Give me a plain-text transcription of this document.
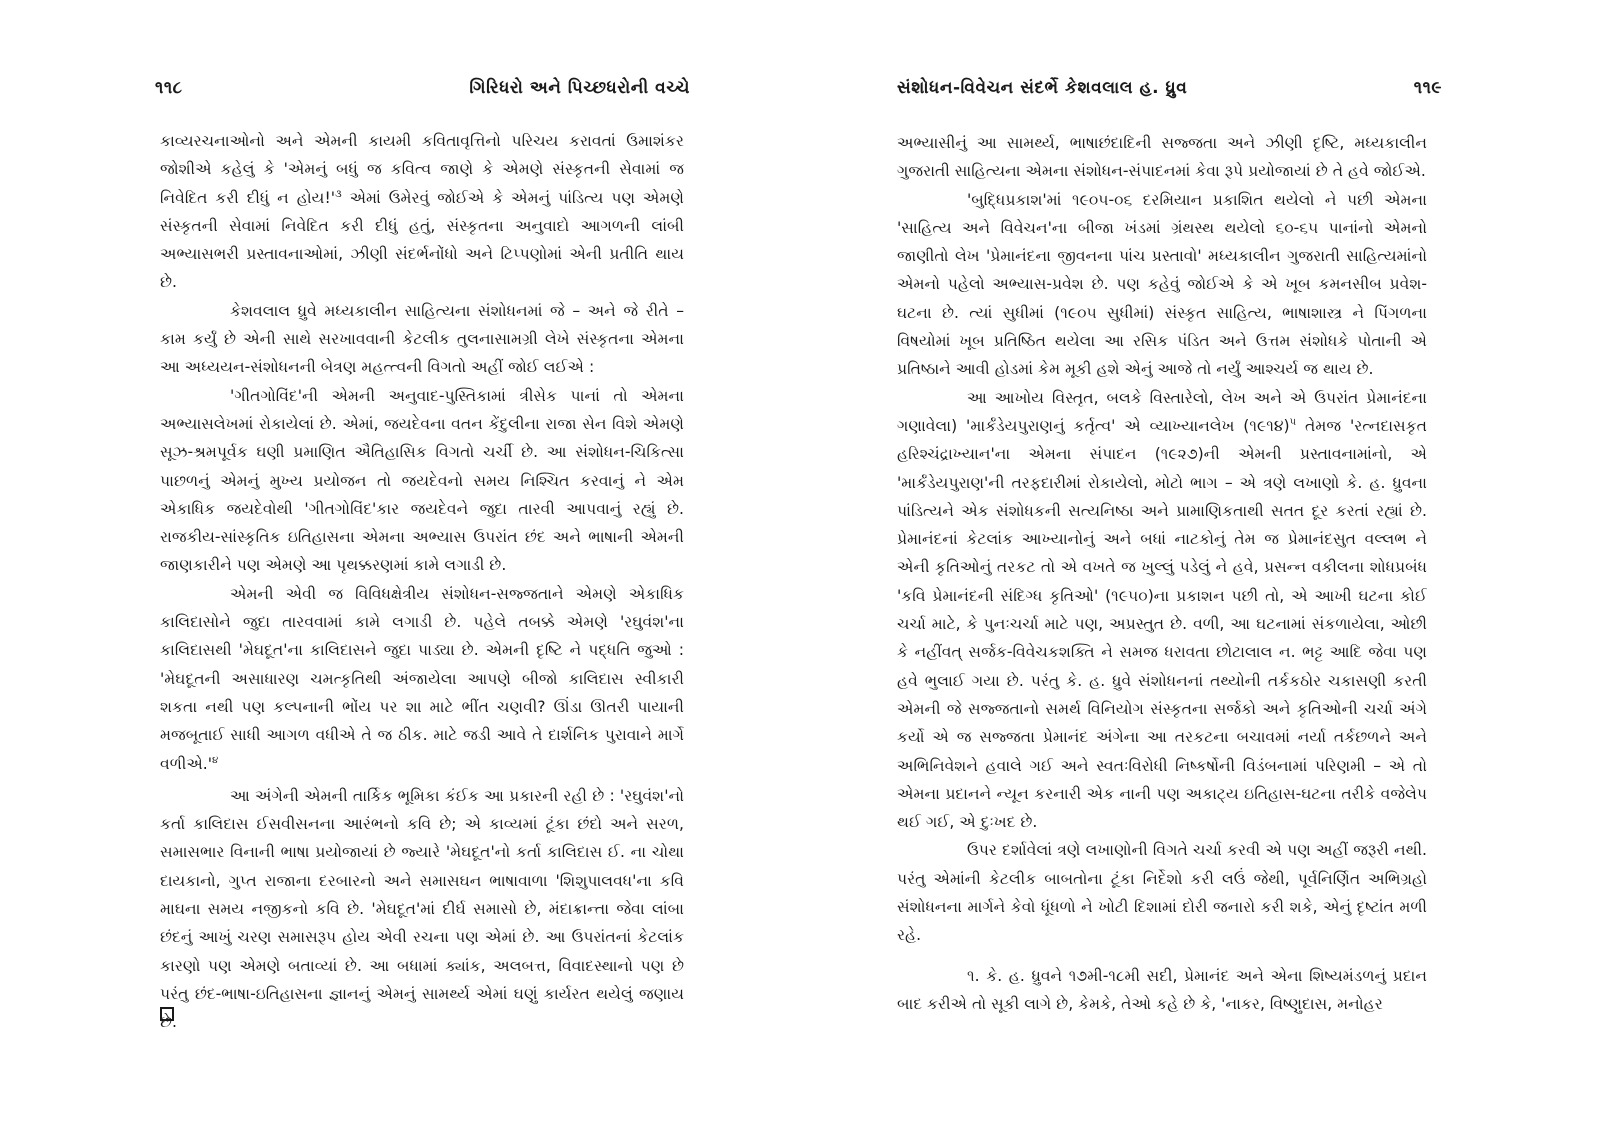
૧૧૮	ગિરિધરો અને પિચ્છધરોની વચ્ચે

કાવ્યરચનાઓનો અને એમની કાયમી કવિતાવૃત્તિનો પરિચય કરાવતાં ઉમાશંકર જોશીએ કહેલું કે 'એમનું બધું જ કવિત્વ જાણે કે એમણે સંસ્કૃતની સેવામાં જ નિવેદિત કરી દીધું ન $હોય!'^૩$ એમાં ઉમેરવું જોઈએ કે એમનું પાંડિત્ય પણ એમણે સંસ્કૃતની સેવામાં નિવેદિત કરી દીધું હતું, સંસ્કૃતના અનુવાદો આગળની લાંબી અભ્યાસભરી પ્રસ્તાવનાઓમાં, ઝીણી સંદર્ભનોંધો અને ટિપ્પણોમાં એની પ્રતીતિ થાય છે.

કેશવલાલ ધ્રુવે મધ્યકાલીન સાહિત્યના સંશોધનમાં જે – અને જે રીતે – કામ કર્યું છે એની સાથે સરખાવવાની કેટલીક તુલનાસામગ્રી લેખે સંસ્કૃતના એમના આ અધ્યયન-સંશોધનની બેત્રણ મહત્ત્વની વિગતો અહીં જોઈ લઈએ :

'ગીતગોવિંદ'ની એમની અનુવાદ-પુસ્તિકામાં ત્રીસેક પાનાં તો એમના અભ્યાસલેખમાં રોકાયેલાં છે. એમાં, જયદેવના વતન કેંદુલીના રાજા સેન વિશે એમણે સૂઝ-શ્રમપૂર્વક ઘણી પ્રમાણિત ઐતિહાસિક વિગતો ચર્ચી છે. આ સંશોધન-ચિકિત્સા પાછળનું એમનું મુખ્ય પ્રયોજન તો જયદેવનો સમય નિશ્ચિત કરવાનું ને એમ એકાધિક જયદેવોથી 'ગીતગોવિંદ'કાર જયદેવને જુદા તારવી આપવાનું રહ્યું છે. રાજકીય-સાંસ્કૃતિક ઇતિહાસના એમના અભ્યાસ ઉપરાંત છંદ અને ભાષાની એમની જાણકારીને પણ એમણે આ પૃથક્કરણમાં કામે લગાડી છે.

એમની એવી જ વિવિધક્ષેત્રીય સંશોધન-સજ્જતાને એમણે એકાધિક કાલિદાસોને જુદા તારવવામાં કામે લગાડી છે. પહેલે તબક્કે એમણે 'રઘુવંશ'ના કાલિદાસથી 'મેઘદૂત'ના કાલિદાસને જુદા પાડ્યા છે. એમની દૃષ્ટિ ને પદ્ધતિ જુઓ : 'મેઘદૂતની અસાધારણ ચમત્કૃતિથી અંજાયેલા આપણે બીજો કાલિદાસ સ્વીકારી શકતા નથી પણ કલ્પનાની ભોંય પર શા માટે ભીંત ચણવી? ઊંડા ઊતરી પાયાની મજબૂતાઈ સાધી આગળ વધીએ તે જ ઠીક. માટે જડી આવે તે દાર્શનિક પુરાવાને માર્ગે $વળીએ.'^૪$

આ અંગેની એમની તાર્કિક ભૂમિકા કંઈક આ પ્રકારની રહી છે : 'રઘુવંશ'નો કર્તા કાલિદાસ ઈસવીસનના આરંભનો કવિ છે; એ કાવ્યમાં ટૂંકા છંદો અને સરળ, સમાસભાર વિનાની ભાષા પ્રયોજાયાં છે જ્યારે 'મેઘદૂત'નો કર્તા કાલિદાસ ઈ. ના ચોથા દાયકાનો, ગુપ્ત રાજાના દરબારનો અને સમાસઘન ભાષાવાળા 'શિશુપાલવધ'ના કવિ માઘના સમય નજીકનો કવિ છે. 'મેઘદૂત'માં દીર્ઘ સમાસો છે, મંદાક્રાન્તા જેવા લાંબા છંદનું આખું ચરણ સમાસરૂપ હોય એવી રચના પણ એમાં છે. આ ઉપરાંતનાં કેટલાંક કારણો પણ એમણે બતાવ્યાં છે. આ બધામાં ક્યાંક, અલબત્ત, વિવાદસ્થાનો પણ છે પરંતુ છંદ-ભાષા-ઇતિહાસના જ્ઞાનનું એમનું સામર્થ્ય એમાં ઘણું કાર્યરત થયેલું જણાય છે.

સંશોધન-વિવેચન સંદર્ભે કેશવલાલ હ. ધ્રુવ	૧૧૯

અભ્યાસીનું આ સામર્થ્ય, ભાષાછંદાદિની સજ્જતા અને ઝીણી દૃષ્ટિ, મધ્યકાલીન ગુજરાતી સાહિત્યના એમના સંશોધન-સંપાદનમાં કેવા રૂપે પ્રયોજાયાં છે તે હવે જોઈએ.

'બુદ્ધિપ્રકાશ'માં ૧૯૦૫-૦૬ દરમિયાન પ્રકાશિત થયેલો ને પછી એમના 'સાહિત્ય અને વિવેચન'ના બીજા ખંડમાં ગ્રંથસ્થ થયેલો ૬૦-૬૫ પાનાંનો એમનો જાણીતો લેખ 'પ્રેમાનંદના જીવનના પાંચ પ્રસ્તાવો' મધ્યકાલીન ગુજરાતી સાહિત્યમાંનો એમનો પહેલો અભ્યાસ-પ્રવેશ છે. પણ કહેવું જોઈએ કે એ ખૂબ કમનસીબ પ્રવેશ-ઘટના છે. ત્યાં સુધીમાં (૧૯૦૫ સુધીમાં) સંસ્કૃત સાહિત્ય, ભાષાશાસ્ત્ર ને પિંગળના વિષયોમાં ખૂબ પ્રતિષ્ઠિત થયેલા આ રસિક પંડિત અને ઉત્તમ સંશોધકે પોતાની એ પ્રતિષ્ઠાને આવી હોડમાં કેમ મૂકી હશે એનું આજે તો નર્યું આશ્ચર્ય જ થાય છે.

આ આખોય વિસ્તૃત, બલકે વિસ્તારેલો, લેખ અને એ ઉપરાંત પ્રેમાનંદના ગણાવેલા) 'માર્કંડેયપુરાણનું કર્તૃત્વ' એ વ્યાખ્યાનલેખ (૧૯૧૪)$^૫$ તેમજ 'રત્નદાસકૃત હરિશ્ચંદ્રાખ્યાન'ના એમના સંપાદન (૧૯૨૭)ની એમની પ્રસ્તાવનામાંનો, એ 'માર્કંડેયપુરાણ'ની તરફદારીમાં રોકાયેલો, મોટો ભાગ – એ ત્રણે લખાણો કે. હ. ધ્રુવના પાંડિત્યને એક સંશોધકની સત્યનિષ્ઠા અને પ્રામાણિકતાથી સતત દૂર કરતાં રહ્યાં છે. પ્રેમાનંદનાં કેટલાંક આખ્યાનોનું અને બધાં નાટકોનું તેમ જ પ્રેમાનંદસુત વલ્લભ ને એની કૃતિઓનું તરકટ તો એ વખતે જ ખુલ્લું પડેલું ને હવે, પ્રસન્ન વકીલના શોધપ્રબંધ 'કવિ પ્રેમાનંદની સંદિગ્ધ કૃતિઓ' (૧૯૫૦)ના પ્રકાશન પછી તો, એ આખી ઘટના કોઈ ચર્ચા માટે, કે પુનઃચર્ચા માટે પણ, અપ્રસ્તુત છે. વળી, આ ઘટનામાં સંકળાયેલા, ઓછી કે નહીંવત્ સર્જક-વિવેચકશક્તિ ને સમજ ધરાવતા છોટાલાલ ન. ભટ્ટ આદિ જેવા પણ હવે ભુલાઈ ગયા છે. પરંતુ કે. હ. ધ્રુવે સંશોધનનાં તથ્યોની તર્કકઠોર ચકાસણી કરતી એમની જે સજ્જતાનો સમર્થ વિનિયોગ સંસ્કૃતના સર્જકો અને કૃતિઓની ચર્ચા અંગે કર્યો એ જ સજ્જતા પ્રેમાનંદ અંગેના આ તરકટના બચાવમાં નર્યા તર્કછળને અને અભિનિવેશને હવાલે ગઈ અને સ્વતઃવિરોધી નિષ્કર્ષોની વિડંબનામાં પરિણમી – એ તો એમના પ્રદાનને ન્યૂન કરનારી એક નાની પણ અકાટ્ય ઇતિહાસ-ઘટના તરીકે વજેલેપ થઈ ગઈ, એ દુઃખદ છે.

ઉપર દર્શાવેલાં ત્રણે લખાણોની વિગતે ચર્ચા કરવી એ પણ અહીં જરૂરી નથી. પરંતુ એમાંની કેટલીક બાબતોના ટૂંકા નિર્દેશો કરી લઉં જેથી, પૂર્વનિર્ણિત અભિગ્રહો સંશોધનના માર્ગને કેવો ધૂંધળો ને ખોટી દિશામાં દોરી જનારો કરી શકે, એનું દૃષ્ટાંત મળી રહે.

૧. કે. હ. ધ્રુવને ૧૭મી-૧૮મી સદી, પ્રેમાનંદ અને એના શિષ્યમંડળનું પ્રદાન બાદ કરીએ તો સૂકી લાગે છે, કેમકે, તેઓ કહે છે કે, 'નાકર, વિષ્ણુદાસ, મનોહર
